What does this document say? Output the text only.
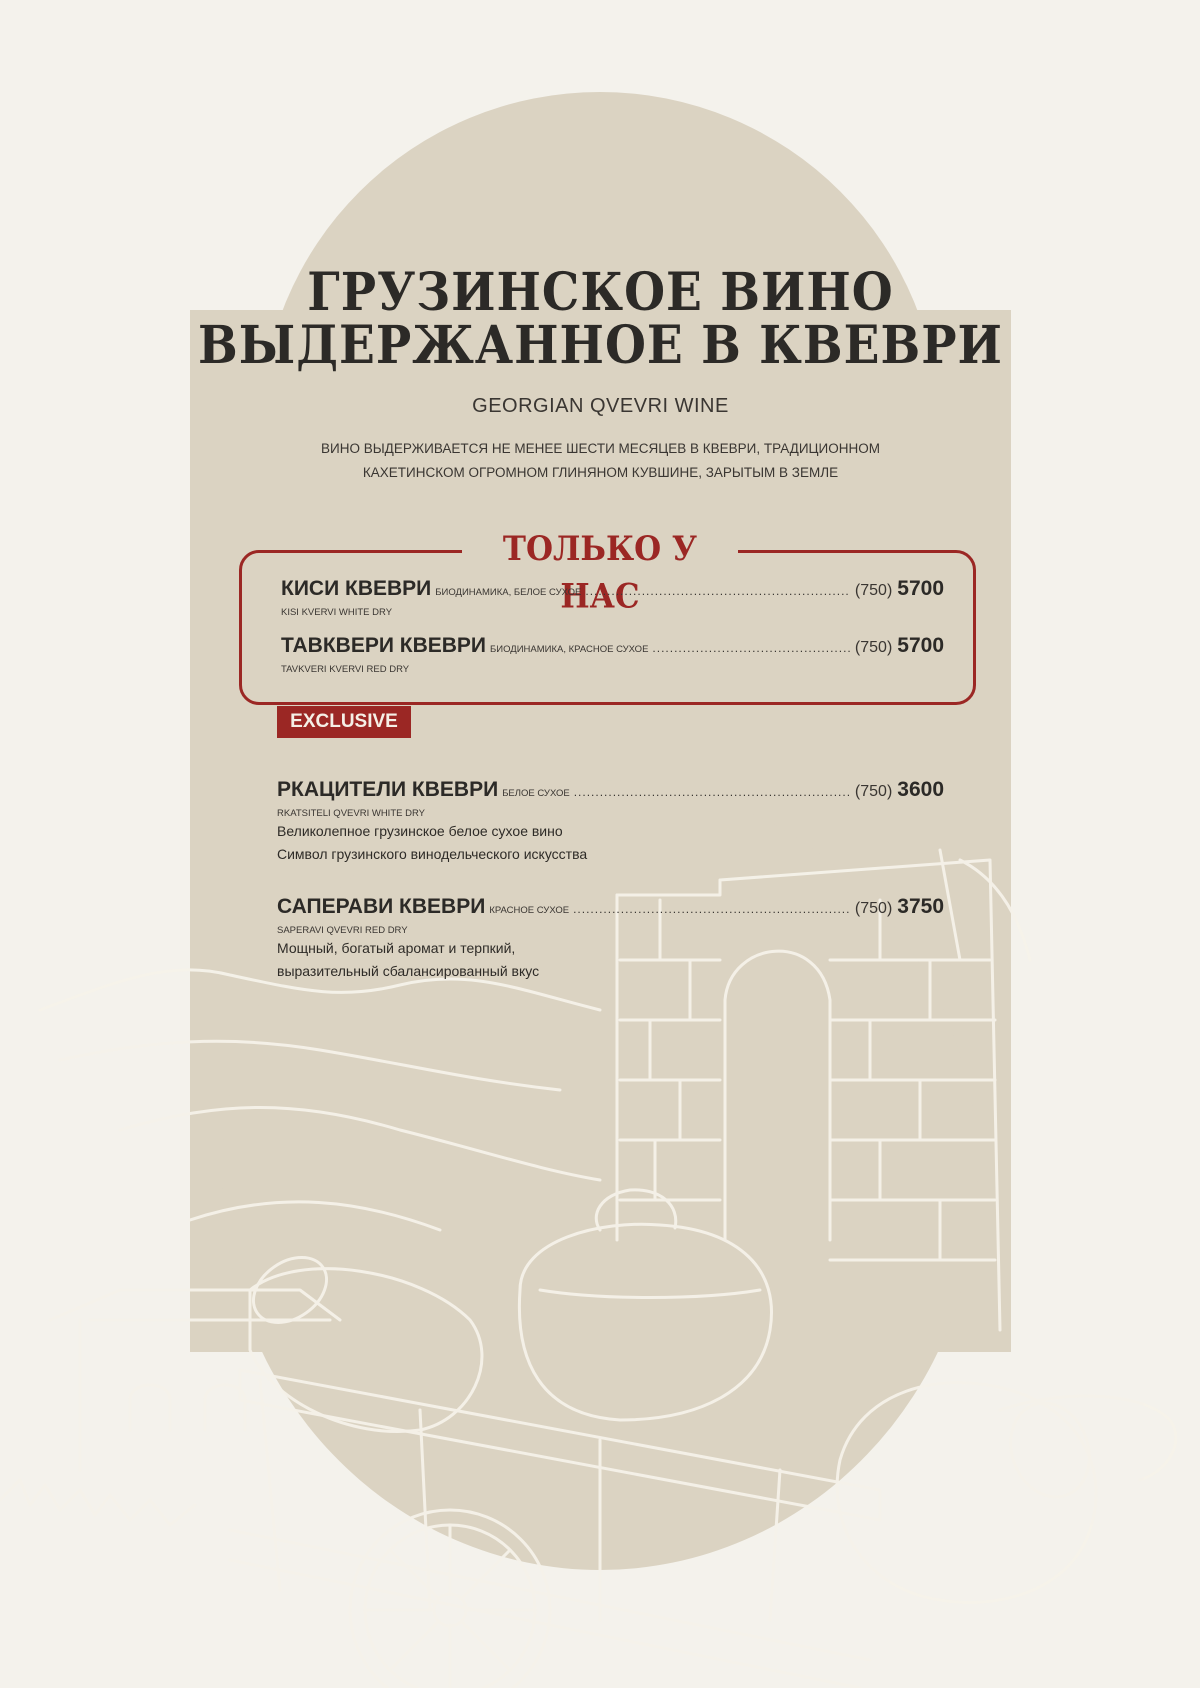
ГРУЗИНСКОЕ ВИНО
ВЫДЕРЖАННОЕ В КВЕВРИ
GEORGIAN QVEVRI WINE
ВИНО ВЫДЕРЖИВАЕТСЯ НЕ МЕНЕЕ ШЕСТИ МЕСЯЦЕВ В КВЕВРИ, ТРАДИЦИОННОМ
КАХЕТИНСКОМ ОГРОМНОМ ГЛИНЯНОМ КУВШИНЕ, ЗАРЫТЫМ В ЗЕМЛЕ
ТОЛЬКО У НАС
КИСИ КВЕВРИ БИОДИНАМИКА, БЕЛОЕ СУХОЕ .....	(750) 5700
KISI KVERVI WHITE DRY
ТАВКВЕРИ КВЕВРИ БИОДИНАМИКА, КРАСНОЕ СУХОЕ .....	(750) 5700
TAVKVERI KVERVI RED DRY
EXCLUSIVE
РКАЦИТЕЛИ КВЕВРИ БЕЛОЕ СУХОЕ .....	(750) 3600
RKATSITELI QVEVRI WHITE DRY
Великолепное грузинское белое сухое вино
Символ грузинского винодельческого искусства
САПЕРАВИ КВЕВРИ КРАСНОЕ СУХОЕ .....	(750) 3750
SAPERAVI QVEVRI RED DRY
Мощный, богатый аромат и терпкий,
выразительный сбалансированный вкус
